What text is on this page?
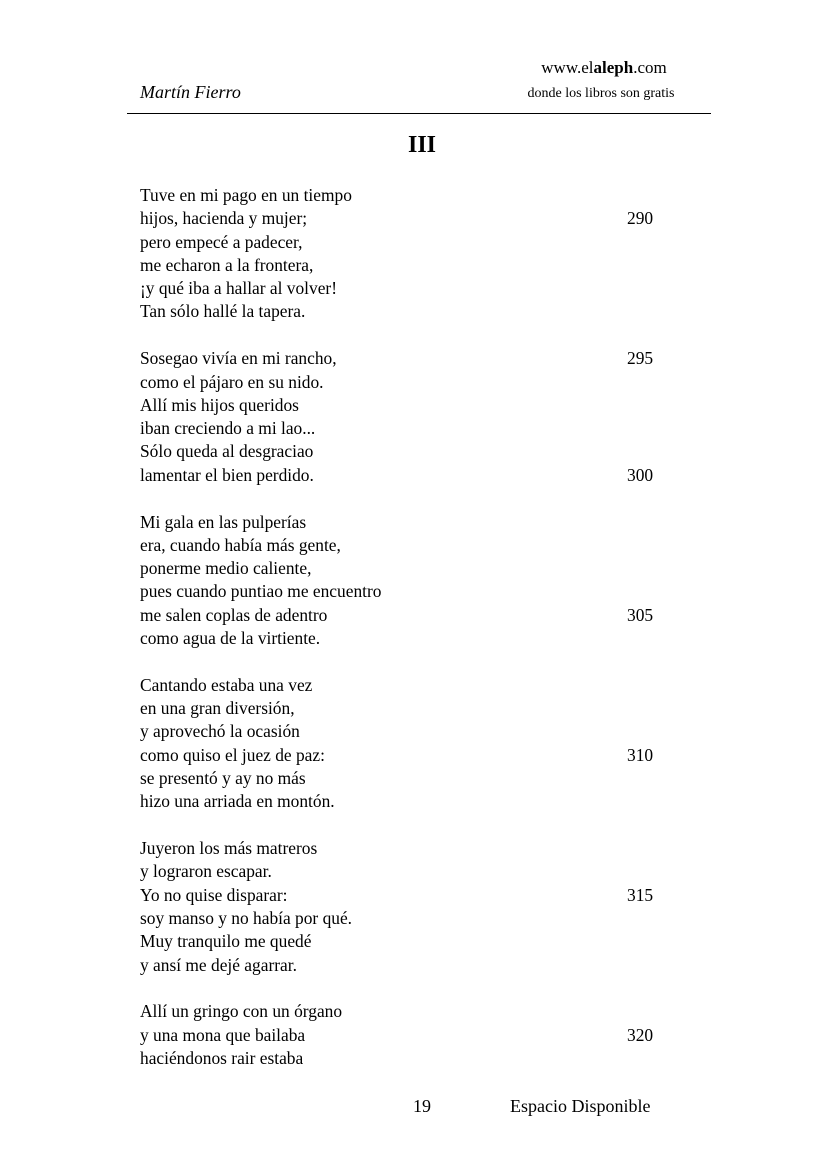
www.elaleph.com
donde los libros son gratis
Martín Fierro
III
Tuve en mi pago en un tiempo
hijos, hacienda y mujer;	290
pero empecé a padecer,
me echaron a la frontera,
¡y qué iba a hallar al volver!
Tan sólo hallé la tapera.
Sosegao vivía en mi rancho,	295
como el pájaro en su nido.
Allí mis hijos queridos
iban creciendo a mi lao...
Sólo queda al desgraciao
lamentar el bien perdido.	300
Mi gala en las pulperías
era, cuando había más gente,
ponerme medio caliente,
pues cuando puntiao me encuentro
me salen coplas de adentro	305
como agua de la virtiente.
Cantando estaba una vez
en una gran diversión,
y aprovechó la ocasión
como quiso el juez de paz:	310
se presentó y ay no más
hizo una arriada en montón.
Juyeron los más matreros
y lograron escapar.
Yo no quise disparar:	315
soy manso y no había por qué.
Muy tranquilo me quedé
y ansí me dejé agarrar.
Allí un gringo con un órgano
y una mona que bailaba	320
haciéndonos rair estaba
19	Espacio Disponible
